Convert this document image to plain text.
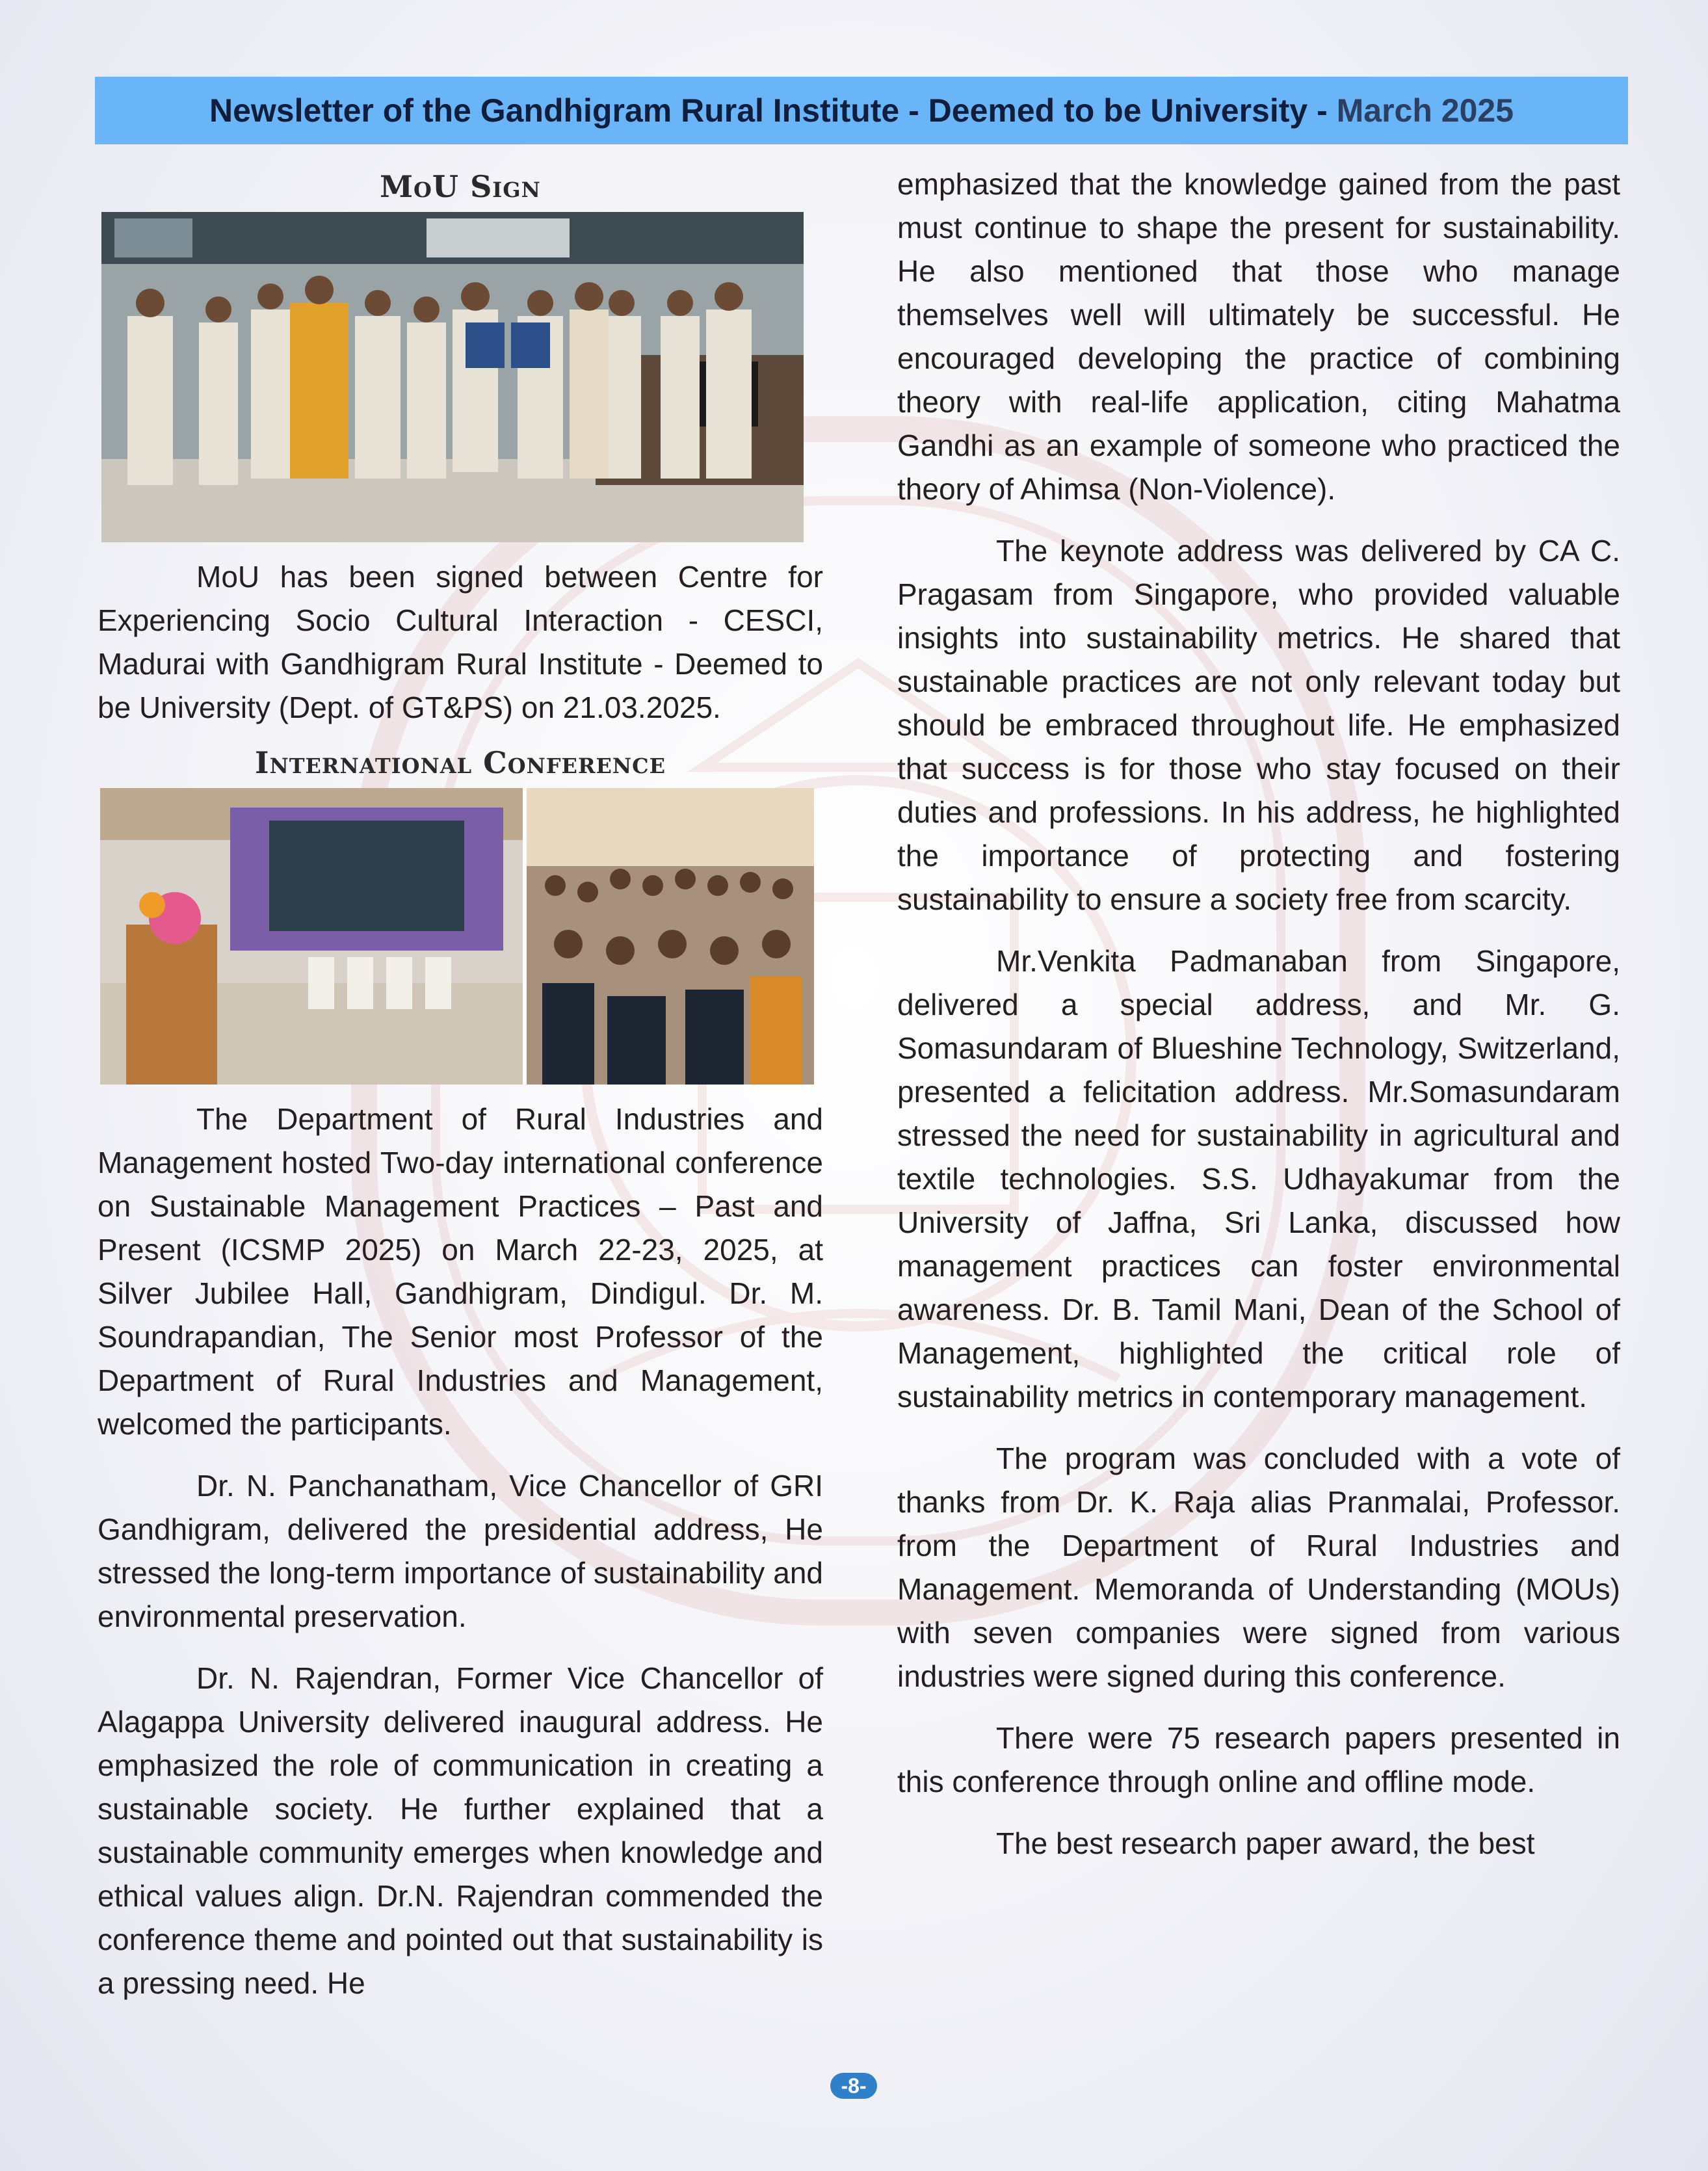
Newsletter of the Gandhigram Rural Institute - Deemed to be University -
March 2025
MoU Sign

MoU has been signed between Centre for Experiencing Socio Cultural Interaction - CESCI, Madurai with Gandhigram Rural Institute - Deemed to be University (Dept. of GT&PS) on 21.03.2025.

International Conference

The Department of Rural Industries and Management hosted Two-day international conference on Sustainable Management Practices – Past and Present (ICSMP 2025) on March 22-23, 2025, at Silver Jubilee Hall, Gandhigram, Dindigul. Dr. M. Soundrapandian, The Senior most Professor of the Department of Rural Industries and Management, welcomed the participants.

Dr. N. Panchanatham, Vice Chancellor of GRI Gandhigram, delivered the presidential address, He stressed the long-term importance of sustainability and environmental preservation.

Dr. N. Rajendran, Former Vice Chancellor of Alagappa University delivered inaugural address. He emphasized the role of communication in creating a sustainable society. He further explained that a sustainable community emerges when knowledge and ethical values align. Dr.N. Rajendran commended the conference theme and pointed out that sustainability is a pressing need. He

emphasized that the knowledge gained from the past must continue to shape the present for sustainability. He also mentioned that those who manage themselves well will ultimately be successful. He encouraged developing the practice of combining theory with real-life application, citing Mahatma Gandhi as an example of someone who practiced the theory of Ahimsa (Non-Violence).

The keynote address was delivered by CA C. Pragasam from Singapore, who provided valuable insights into sustainability metrics. He shared that sustainable practices are not only relevant today but should be embraced throughout life. He emphasized that success is for those who stay focused on their duties and professions. In his address, he highlighted the importance of protecting and fostering sustainability to ensure a society free from scarcity.

Mr.Venkita Padmanaban from Singapore, delivered a special address, and Mr. G. Somasundaram of Blueshine Technology, Switzerland, presented a felicitation address. Mr.Somasundaram stressed the need for sustainability in agricultural and textile technologies. S.S. Udhayakumar from the University of Jaffna, Sri Lanka, discussed how management practices can foster environmental awareness. Dr. B. Tamil Mani, Dean of the School of Management, highlighted the critical role of sustainability metrics in contemporary management.

The program was concluded with a vote of thanks from Dr. K. Raja alias Pranmalai, Professor. from the Department of Rural Industries and Management. Memoranda of Understanding (MOUs) with seven companies were signed from various industries were signed during this conference.

There were 75 research papers presented in this conference through online and offline mode.

The best research paper award, the best

-8-
